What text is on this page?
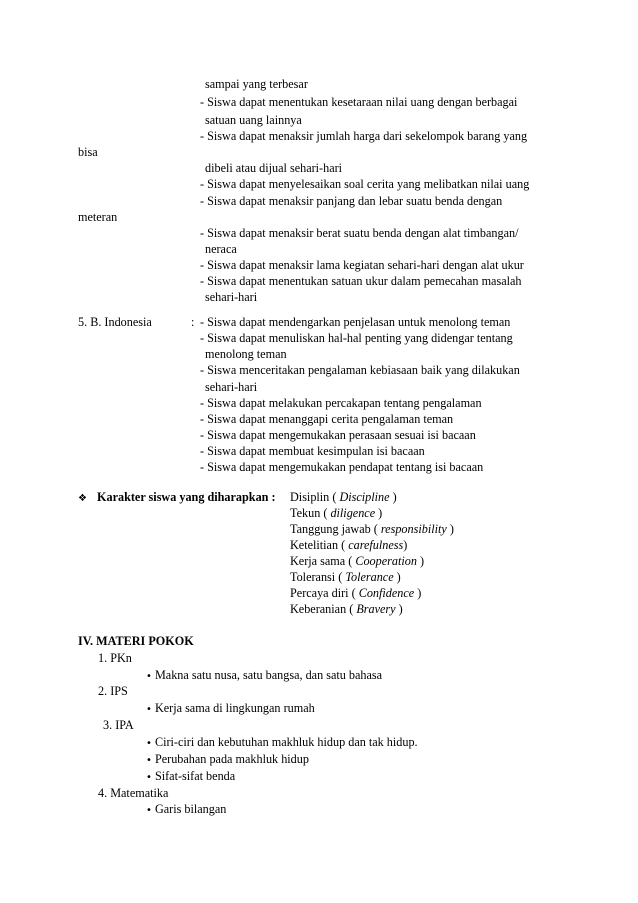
sampai yang terbesar
- Siswa dapat menentukan kesetaraan nilai uang dengan berbagai
satuan uang lainnya
- Siswa dapat menaksir jumlah harga dari sekelompok barang yang
bisa
dibeli atau dijual sehari-hari
- Siswa dapat menyelesaikan soal cerita yang melibatkan nilai uang
- Siswa dapat menaksir panjang dan lebar suatu benda dengan
meteran
- Siswa dapat menaksir berat suatu benda dengan alat timbangan/
neraca
- Siswa dapat menaksir lama kegiatan sehari-hari dengan alat ukur
- Siswa dapat menentukan satuan ukur dalam pemecahan masalah
sehari-hari
5. B. Indonesia	: - Siswa dapat mendengarkan penjelasan untuk menolong teman
- Siswa dapat menuliskan hal-hal penting yang didengar tentang
menolong teman
- Siswa menceritakan pengalaman kebiasaan baik yang dilakukan
sehari-hari
- Siswa dapat melakukan percakapan tentang pengalaman
- Siswa dapat menanggapi cerita pengalaman teman
- Siswa dapat mengemukakan perasaan sesuai isi bacaan
- Siswa dapat membuat kesimpulan isi bacaan
- Siswa dapat mengemukakan pendapat tentang isi bacaan
❖ Karakter siswa yang diharapkan : Disiplin ( Discipline )
Tekun ( diligence )
Tanggung jawab ( responsibility )
Ketelitian ( carefulness)
Kerja sama ( Cooperation )
Toleransi ( Tolerance )
Percaya diri ( Confidence )
Keberanian ( Bravery )
IV. MATERI POKOK
1. PKn
• Makna satu nusa, satu bangsa, dan satu bahasa
2. IPS
• Kerja sama di lingkungan rumah
3. IPA
• Ciri-ciri dan kebutuhan makhluk hidup dan tak hidup.
• Perubahan pada makhluk hidup
• Sifat-sifat benda
4. Matematika
• Garis bilangan
